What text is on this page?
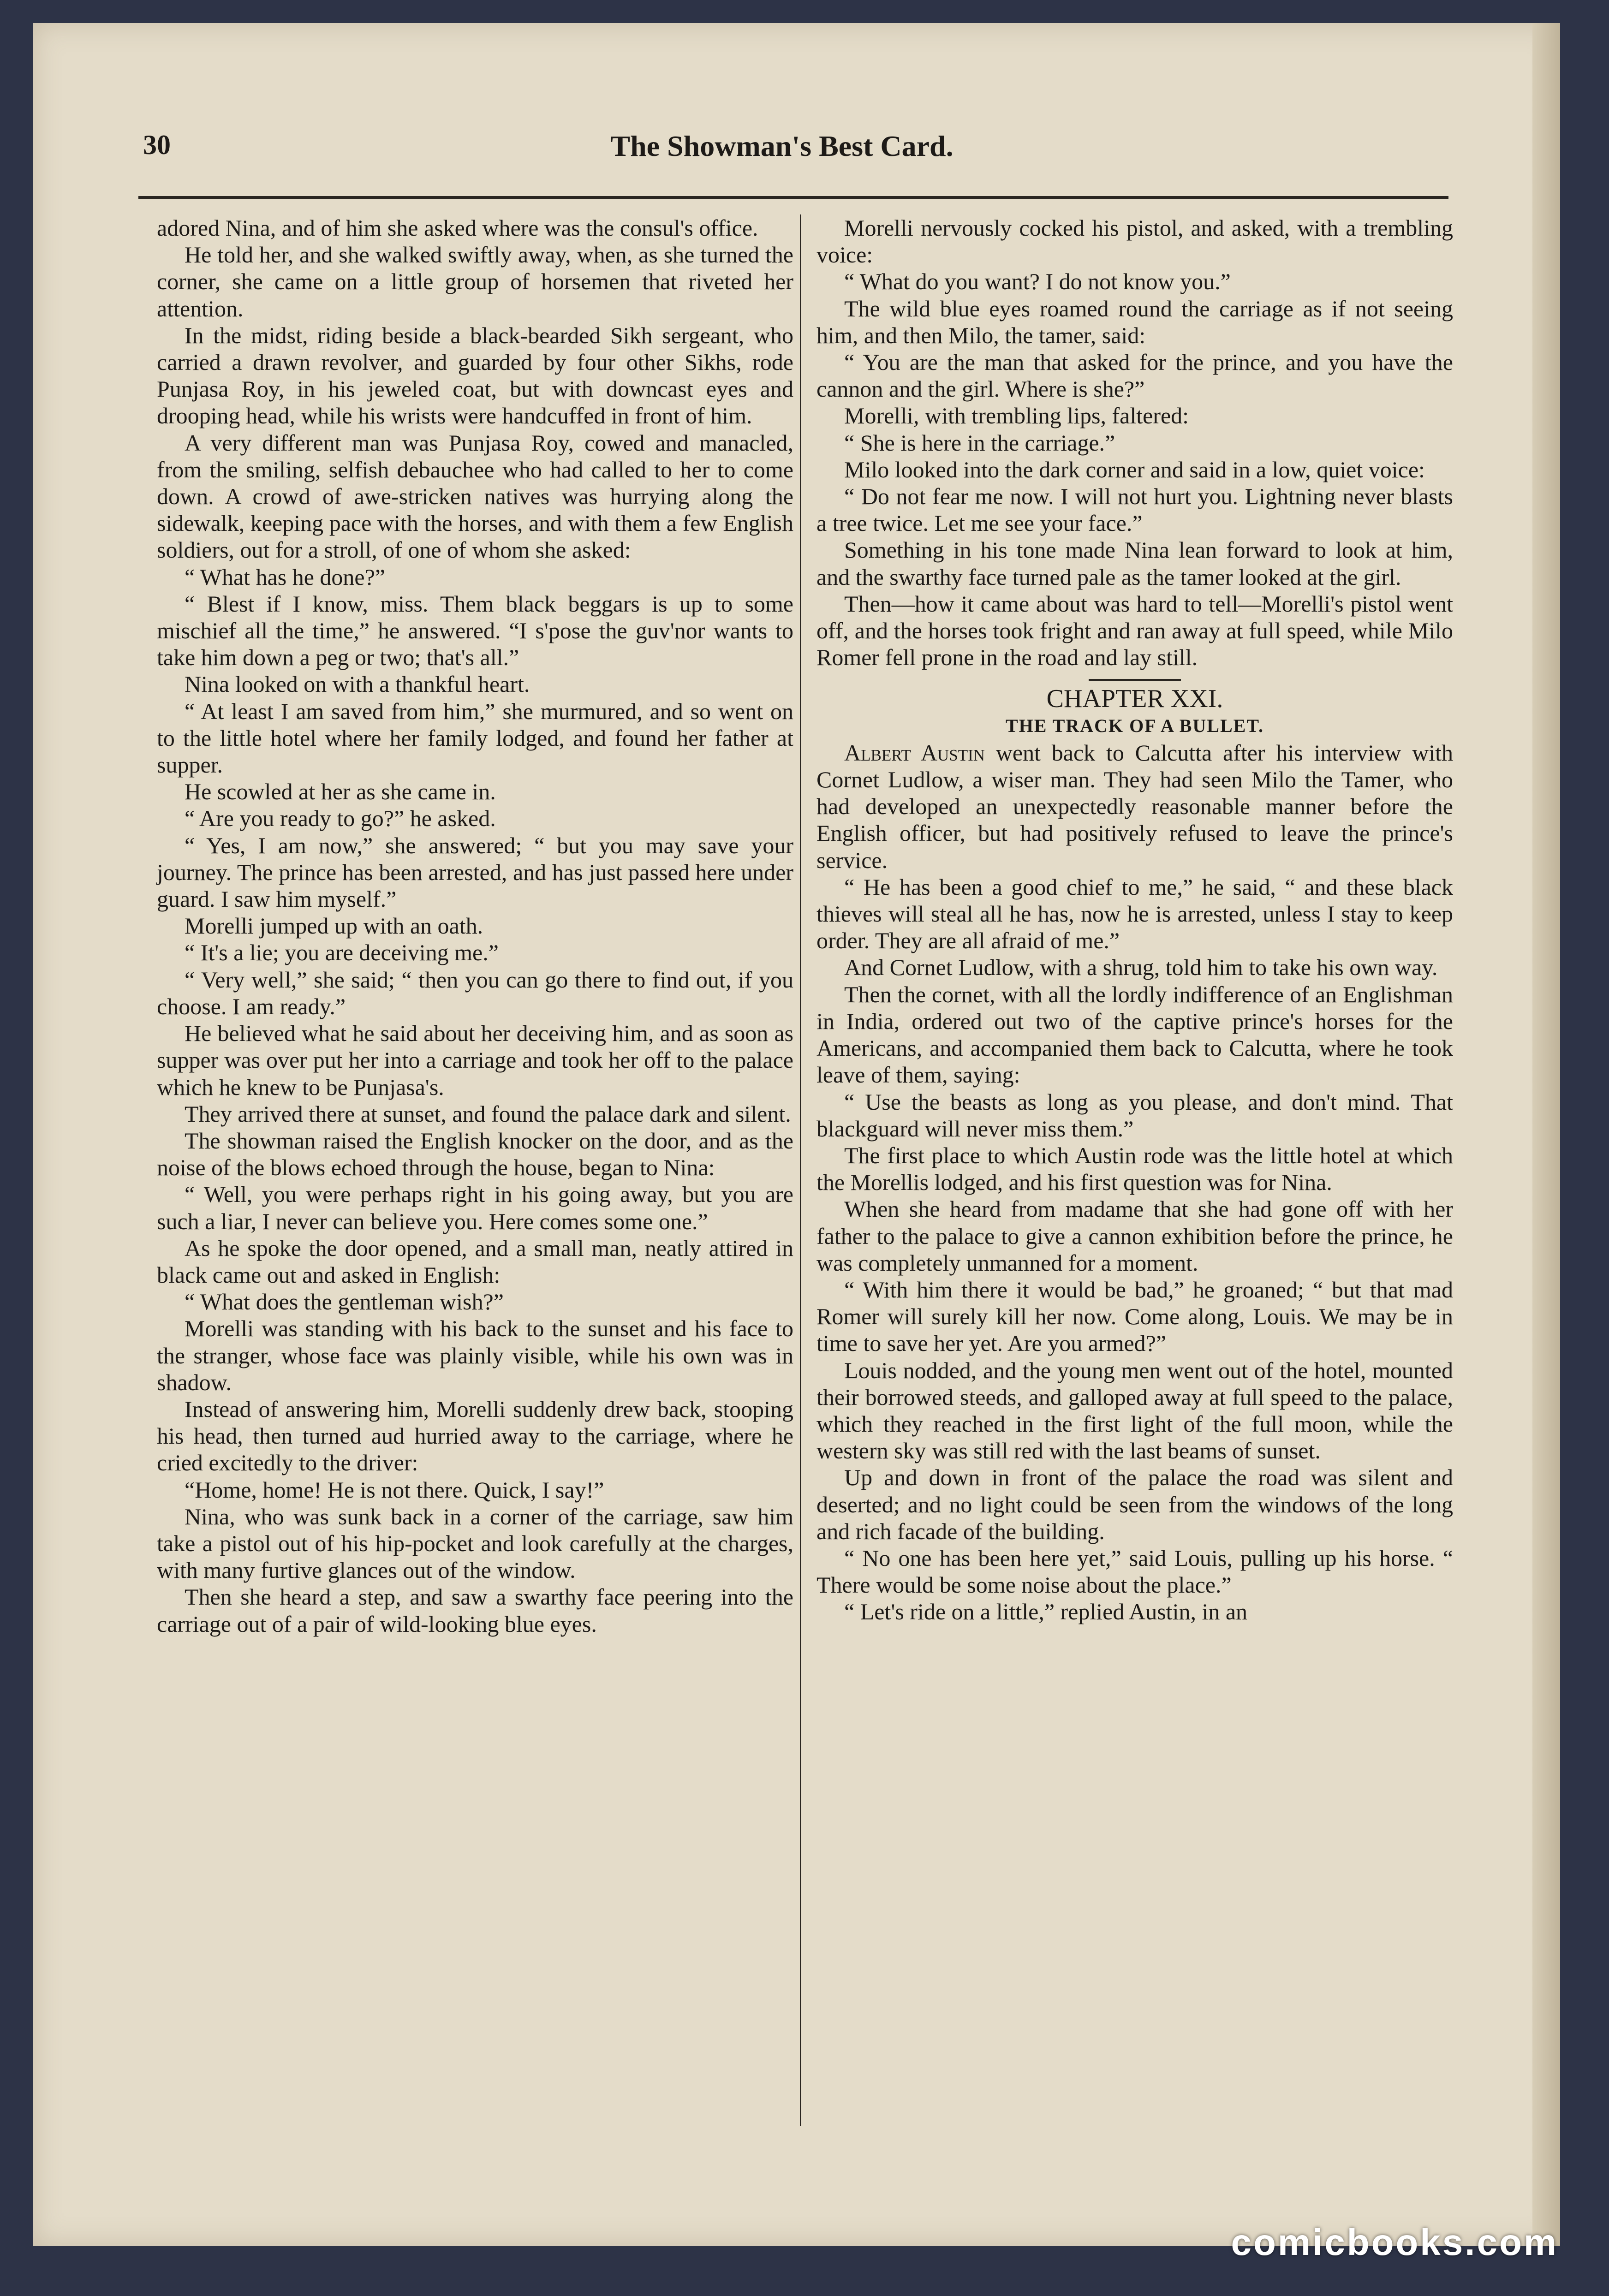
30	The Showman's Best Card.

adored Nina, and of him she asked where was the consul's office.

He told her, and she walked swiftly away, when, as she turned the corner, she came on a little group of horsemen that riveted her attention.

In the midst, riding beside a black-bearded Sikh sergeant, who carried a drawn revolver, and guarded by four other Sikhs, rode Punjasa Roy, in his jeweled coat, but with downcast eyes and drooping head, while his wrists were handcuffed in front of him.

A very different man was Punjasa Roy, cowed and manacled, from the smiling, selfish debauchee who had called to her to come down. A crowd of awe-stricken natives was hurrying along the sidewalk, keeping pace with the horses, and with them a few English soldiers, out for a stroll, of one of whom she asked:

“ What has he done?”

“ Blest if I know, miss. Them black beggars is up to some mischief all the time,” he answered. “I s'pose the guv'nor wants to take him down a peg or two; that's all.”

Nina looked on with a thankful heart.

“ At least I am saved from him,” she murmured, and so went on to the little hotel where her family lodged, and found her father at supper.

He scowled at her as she came in.

“ Are you ready to go?” he asked.

“ Yes, I am now,” she answered; “ but you may save your journey. The prince has been arrested, and has just passed here under guard. I saw him myself.”

Morelli jumped up with an oath.

“ It's a lie; you are deceiving me.”

“ Very well,” she said; “ then you can go there to find out, if you choose. I am ready.”

He believed what he said about her deceiving him, and as soon as supper was over put her into a carriage and took her off to the palace which he knew to be Punjasa's.

They arrived there at sunset, and found the palace dark and silent.

The showman raised the English knocker on the door, and as the noise of the blows echoed through the house, began to Nina:

“ Well, you were perhaps right in his going away, but you are such a liar, I never can believe you. Here comes some one.”

As he spoke the door opened, and a small man, neatly attired in black came out and asked in English:

“ What does the gentleman wish?”

Morelli was standing with his back to the sunset and his face to the stranger, whose face was plainly visible, while his own was in shadow.

Instead of answering him, Morelli suddenly drew back, stooping his head, then turned aud hurried away to the carriage, where he cried excitedly to the driver:

“Home, home! He is not there. Quick, I say!”

Nina, who was sunk back in a corner of the carriage, saw him take a pistol out of his hip-pocket and look carefully at the charges, with many furtive glances out of the window.

Then she heard a step, and saw a swarthy face peering into the carriage out of a pair of wild-looking blue eyes.

Morelli nervously cocked his pistol, and asked, with a trembling voice:

“ What do you want? I do not know you.”

The wild blue eyes roamed round the carriage as if not seeing him, and then Milo, the tamer, said:

“ You are the man that asked for the prince, and you have the cannon and the girl. Where is she?”

Morelli, with trembling lips, faltered:

“ She is here in the carriage.”

Milo looked into the dark corner and said in a low, quiet voice:

“ Do not fear me now. I will not hurt you. Lightning never blasts a tree twice. Let me see your face.”

Something in his tone made Nina lean forward to look at him, and the swarthy face turned pale as the tamer looked at the girl.

Then—how it came about was hard to tell—Morelli's pistol went off, and the horses took fright and ran away at full speed, while Milo Romer fell prone in the road and lay still.

CHAPTER XXI.

THE TRACK OF A BULLET.

Albert Austin went back to Calcutta after his interview with Cornet Ludlow, a wiser man. They had seen Milo the Tamer, who had developed an unexpectedly reasonable manner before the English officer, but had positively refused to leave the prince's service.

“ He has been a good chief to me,” he said, “ and these black thieves will steal all he has, now he is arrested, unless I stay to keep order. They are all afraid of me.”

And Cornet Ludlow, with a shrug, told him to take his own way.

Then the cornet, with all the lordly indifference of an Englishman in India, ordered out two of the captive prince's horses for the Americans, and accompanied them back to Calcutta, where he took leave of them, saying:

“ Use the beasts as long as you please, and don't mind. That blackguard will never miss them.”

The first place to which Austin rode was the little hotel at which the Morellis lodged, and his first question was for Nina.

When she heard from madame that she had gone off with her father to the palace to give a cannon exhibition before the prince, he was completely unmanned for a moment.

“ With him there it would be bad,” he groaned; “ but that mad Romer will surely kill her now. Come along, Louis. We may be in time to save her yet. Are you armed?”

Louis nodded, and the young men went out of the hotel, mounted their borrowed steeds, and galloped away at full speed to the palace, which they reached in the first light of the full moon, while the western sky was still red with the last beams of sunset.

Up and down in front of the palace the road was silent and deserted; and no light could be seen from the windows of the long and rich facade of the building.

“ No one has been here yet,” said Louis, pulling up his horse. “ There would be some noise about the place.”

“ Let's ride on a little,” replied Austin, in an

comicbooks.com
